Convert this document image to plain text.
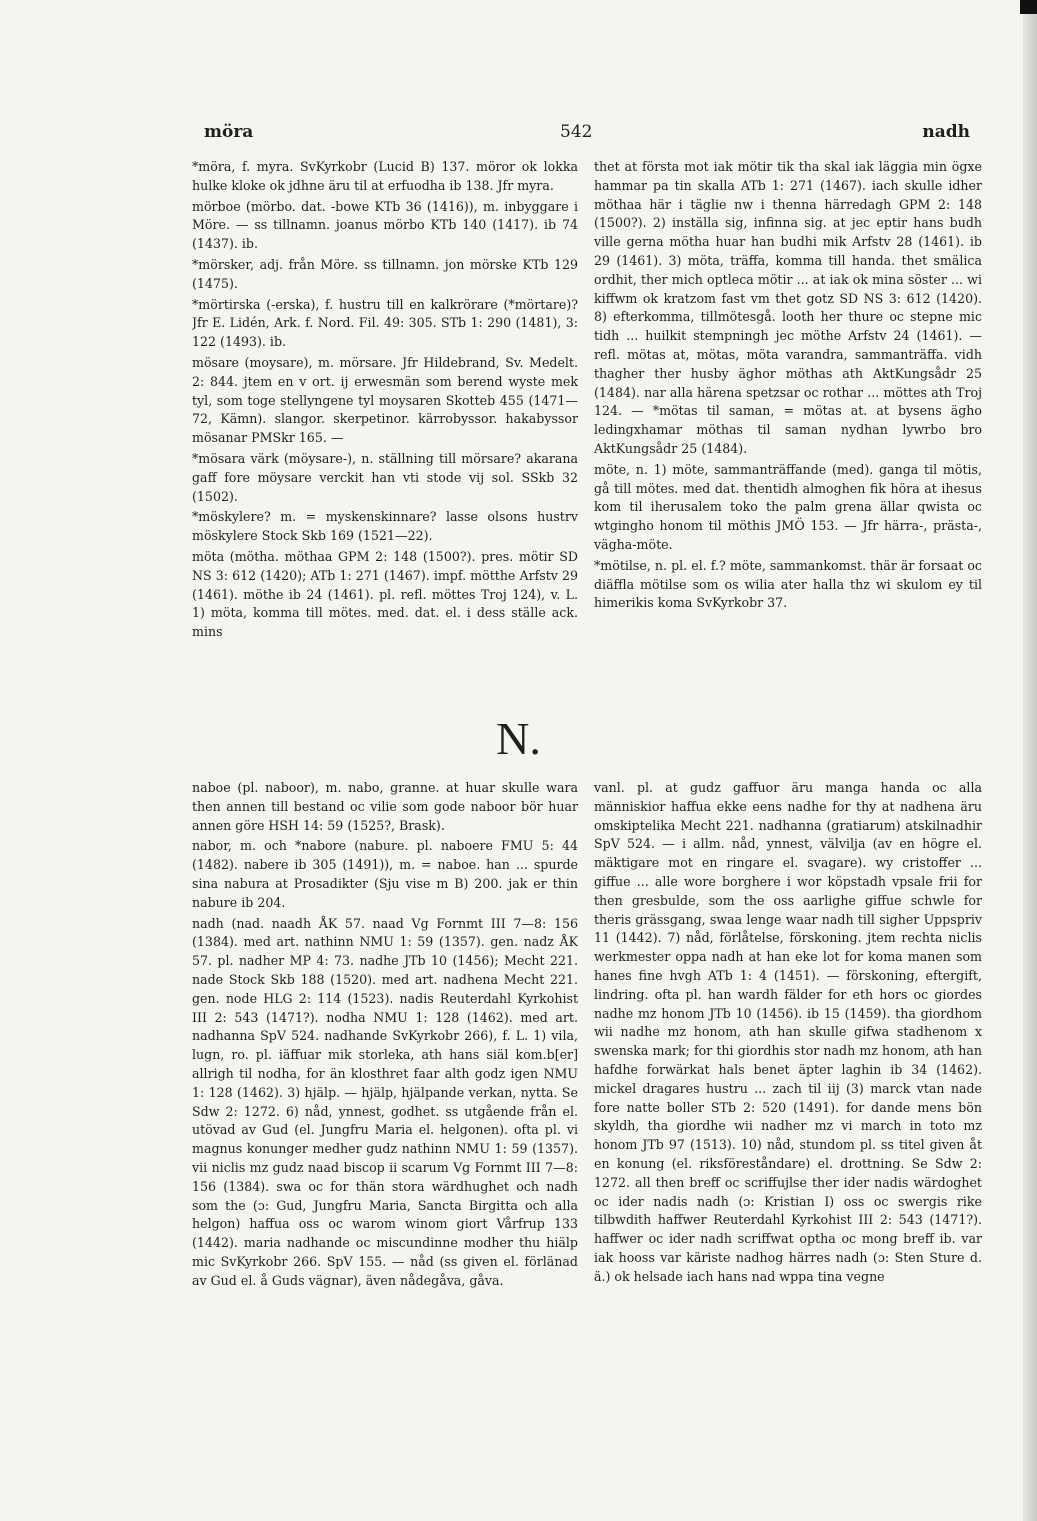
möra	542	nadh

*möra, f. myra. SvKyrkobr (Lucid B) 137. möror ok lokka hulke kloke ok jdhne äru til at erfuodha ib 138. Jfr myra.

mörboe (mörbo. dat. -bowe KTb 36 (1416)), m. inbyggare i Möre. — ss tillnamn. joanus mörbo KTb 140 (1417). ib 74 (1437). ib.

*mörsker, adj. från Möre. ss tillnamn. jon mörske KTb 129 (1475).

*mörtirska (-erska), f. hustru till en kalkrörare (*mörtare)? Jfr E. Lidén, Ark. f. Nord. Fil. 49: 305. STb 1: 290 (1481), 3: 122 (1493). ib.

mösare (moysare), m. mörsare. Jfr Hildebrand, Sv. Medelt. 2: 844. jtem en v ort. ij erwesmän som berend wyste mek tyl, som toge stellyngene tyl moysaren Skotteb 455 (1471—72, Kämn). slangor. skerpetinor. kärrobyssor. hakabyssor mösanar PMSkr 165. —

*mösara värk (möysare-), n. ställning till mörsare? akarana gaff fore möysare verckit han vti stode vij sol. SSkb 32 (1502).

*möskylere? m. = myskenskinnare? lasse olsons hustrv möskylere Stock Skb 169 (1521—22).

möta (mötha. möthaa GPM 2: 148 (1500?). pres. mötir SD NS 3: 612 (1420); ATb 1: 271 (1467). impf. mötthe Arfstv 29 (1461). möthe ib 24 (1461). pl. refl. möttes Troj 124), v. L. 1) möta, komma till mötes. med. dat. el. i dess ställe ack. mins

thet at första mot iak mötir tik tha skal iak läggia min ögxe hammar pa tin skalla ATb 1: 271 (1467). iach skulle idher möthaa här i täglie nw i thenna härredagh GPM 2: 148 (1500?). 2) inställa sig, infinna sig. at jec eptir hans budh ville gerna mötha huar han budhi mik Arfstv 28 (1461). ib 29 (1461). 3) möta, träffa, komma till handa. thet smälica ordhit, ther mich optleca mötir ... at iak ok mina söster ... wi kiffwm ok kratzom fast vm thet gotz SD NS 3: 612 (1420). 8) efterkomma, tillmötesgå. looth her thure oc stepne mic tidh ... huilkit stempningh jec möthe Arfstv 24 (1461). — refl. mötas at, mötas, möta varandra, sammanträffa. vidh thagher ther husby äghor möthas ath AktKungsådr 25 (1484). nar alla härena spetzsar oc rothar ... möttes ath Troj 124. — *mötas til saman, = mötas at. at bysens ägho ledingxhamar möthas til saman nydhan lywrbo bro AktKungsådr 25 (1484).

möte, n. 1) möte, sammanträffande (med). ganga til mötis, gå till mötes. med dat. thentidh almoghen fik höra at ihesus kom til iherusalem toko the palm grena ällar qwista oc wtgingho honom til möthis JMÖ 153. — Jfr härra-, prästa-, vägha-möte.

*mötilse, n. pl. el. f.? möte, sammankomst. thär är forsaat oc diäffla mötilse som os wilia ater halla thz wi skulom ey til himerikis koma SvKyrkobr 37.

N.

naboe (pl. naboor), m. nabo, granne. at huar skulle wara then annen till bestand oc vilie som gode naboor bör huar annen göre HSH 14: 59 (1525?, Brask).

nabor, m. och *nabore (nabure. pl. naboere FMU 5: 44 (1482). nabere ib 305 (1491)), m. = naboe. han ... spurde sina nabura at Prosadikter (Sju vise m B) 200. jak er thin nabure ib 204.

nadh (nad. naadh ÅK 57. naad Vg Fornmt III 7—8: 156 (1384). med art. nathinn NMU 1: 59 (1357). gen. nadz ÅK 57. pl. nadher MP 4: 73. nadhe JTb 10 (1456); Mecht 221. nade Stock Skb 188 (1520). med art. nadhena Mecht 221. gen. node HLG 2: 114 (1523). nadis Reuterdahl Kyrkohist III 2: 543 (1471?). nodha NMU 1: 128 (1462). med art. nadhanna SpV 524. nadhande SvKyrkobr 266), f. L. 1) vila, lugn, ro. pl. iäffuar mik storleka, ath hans siäl kom.b[er] allrigh til nodha, for än klosthret faar alth godz igen NMU 1: 128 (1462). 3) hjälp. — hjälp, hjälpande verkan, nytta. Se Sdw 2: 1272. 6) nåd, ynnest, godhet. ss utgående från el. utövad av Gud (el. Jungfru Maria el. helgonen). ofta pl. vi magnus konunger medher gudz nathinn NMU 1: 59 (1357). vii niclis mz gudz naad biscop ii scarum Vg Fornmt III 7—8: 156 (1384). swa oc for thän stora wärdhughet och nadh som the (ɔ: Gud, Jungfru Maria, Sancta Birgitta och alla helgon) haffua oss oc warom winom giort Vårfrup 133 (1442). maria nadhande oc miscundinne modher thu hiälp mic SvKyrkobr 266. SpV 155. — nåd (ss given el. förlänad av Gud el. å Guds vägnar), även nådegåva, gåva.

vanl. pl. at gudz gaffuor äru manga handa oc alla människior haffua ekke eens nadhe for thy at nadhena äru omskiptelika Mecht 221. nadhanna (gratiarum) atskilnadhir SpV 524. — i allm. nåd, ynnest, välvilja (av en högre el. mäktigare mot en ringare el. svagare). wy cristoffer ... giffue ... alle wore borghere i wor köpstadh vpsale frii for then gresbulde, som the oss aarlighe giffue schwle for theris grässgang, swaa lenge waar nadh till sigher Uppspriv 11 (1442). 7) nåd, förlåtelse, förskoning. jtem rechta niclis werkmester oppa nadh at han eke lot for koma manen som hanes fine hvgh ATb 1: 4 (1451). — förskoning, eftergift, lindring. ofta pl. han wardh fälder for eth hors oc giordes nadhe mz honom JTb 10 (1456). ib 15 (1459). tha giordhom wii nadhe mz honom, ath han skulle gifwa stadhenom x swenska mark; for thi giordhis stor nadh mz honom, ath han hafdhe forwärkat hals benet äpter laghin ib 34 (1462). mickel dragares hustru ... zach til iij (3) marck vtan nade fore natte boller STb 2: 520 (1491). for dande mens bön skyldh, tha giordhe wii nadher mz vi march in toto mz honom JTb 97 (1513). 10) nåd, stundom pl. ss titel given åt en konung (el. riksföreståndare) el. drottning. Se Sdw 2: 1272. all then breff oc scriffujlse ther ider nadis wärdoghet oc ider nadis nadh (ɔ: Kristian I) oss oc swergis rike tilbwdith haffwer Reuterdahl Kyrkohist III 2: 543 (1471?). haffwer oc ider nadh scriffwat optha oc mong breff ib. var iak hooss var käriste nadhog härres nadh (ɔ: Sten Sture d. ä.) ok helsade iach hans nad wppa tina vegne
